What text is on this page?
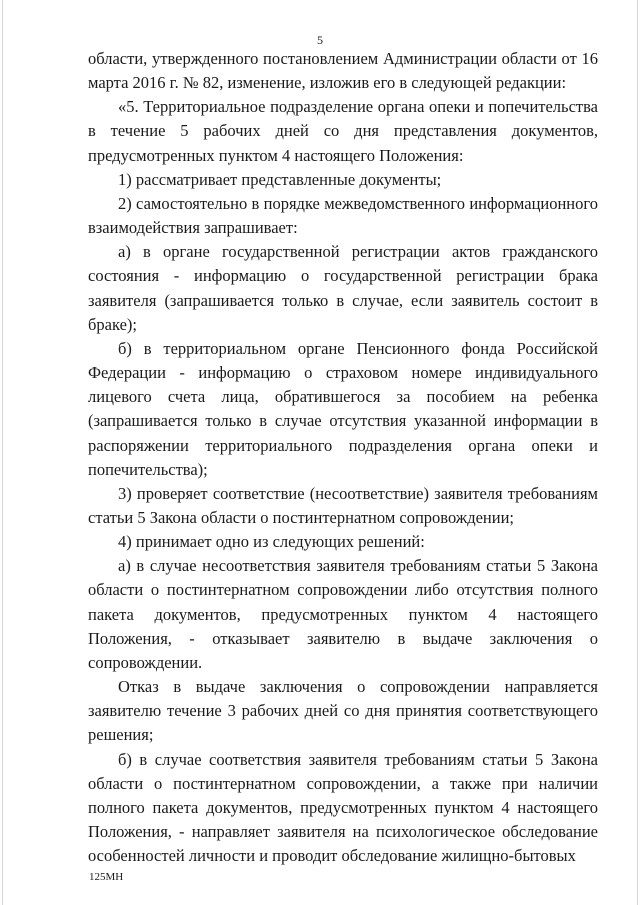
5

области, утвержденного постановлением Администрации области от 16 марта 2016 г. № 82, изменение, изложив его в следующей редакции:

«5. Территориальное подразделение органа опеки и попечительства в течение 5 рабочих дней со дня представления документов, предусмотренных пунктом 4 настоящего Положения:

1) рассматривает представленные документы;

2) самостоятельно в порядке межведомственного информационного взаимодействия запрашивает:

а) в органе государственной регистрации актов гражданского состояния - информацию о государственной регистрации брака заявителя (запрашивается только в случае, если заявитель состоит в браке);

б) в территориальном органе Пенсионного фонда Российской Федерации - информацию о страховом номере индивидуального лицевого счета лица, обратившегося за пособием на ребенка (запрашивается только в случае отсутствия указанной информации в распоряжении территориального подразделения органа опеки и попечительства);

3) проверяет соответствие (несоответствие) заявителя требованиям статьи 5 Закона области о постинтернатном сопровождении;

4) принимает одно из следующих решений:

а) в случае несоответствия заявителя требованиям статьи 5 Закона области о постинтернатном сопровождении либо отсутствия полного пакета документов, предусмотренных пунктом 4 настоящего Положения, - отказывает заявителю в выдаче заключения о сопровождении.

Отказ в выдаче заключения о сопровождении направляется заявителю течение 3 рабочих дней со дня принятия соответствующего решения;

б) в случае соответствия заявителя требованиям статьи 5 Закона области о постинтернатном сопровождении, а также при наличии полного пакета документов, предусмотренных пунктом 4 настоящего Положения, - направляет заявителя на психологическое обследование особенностей личности и проводит обследование жилищно-бытовых

125МН
